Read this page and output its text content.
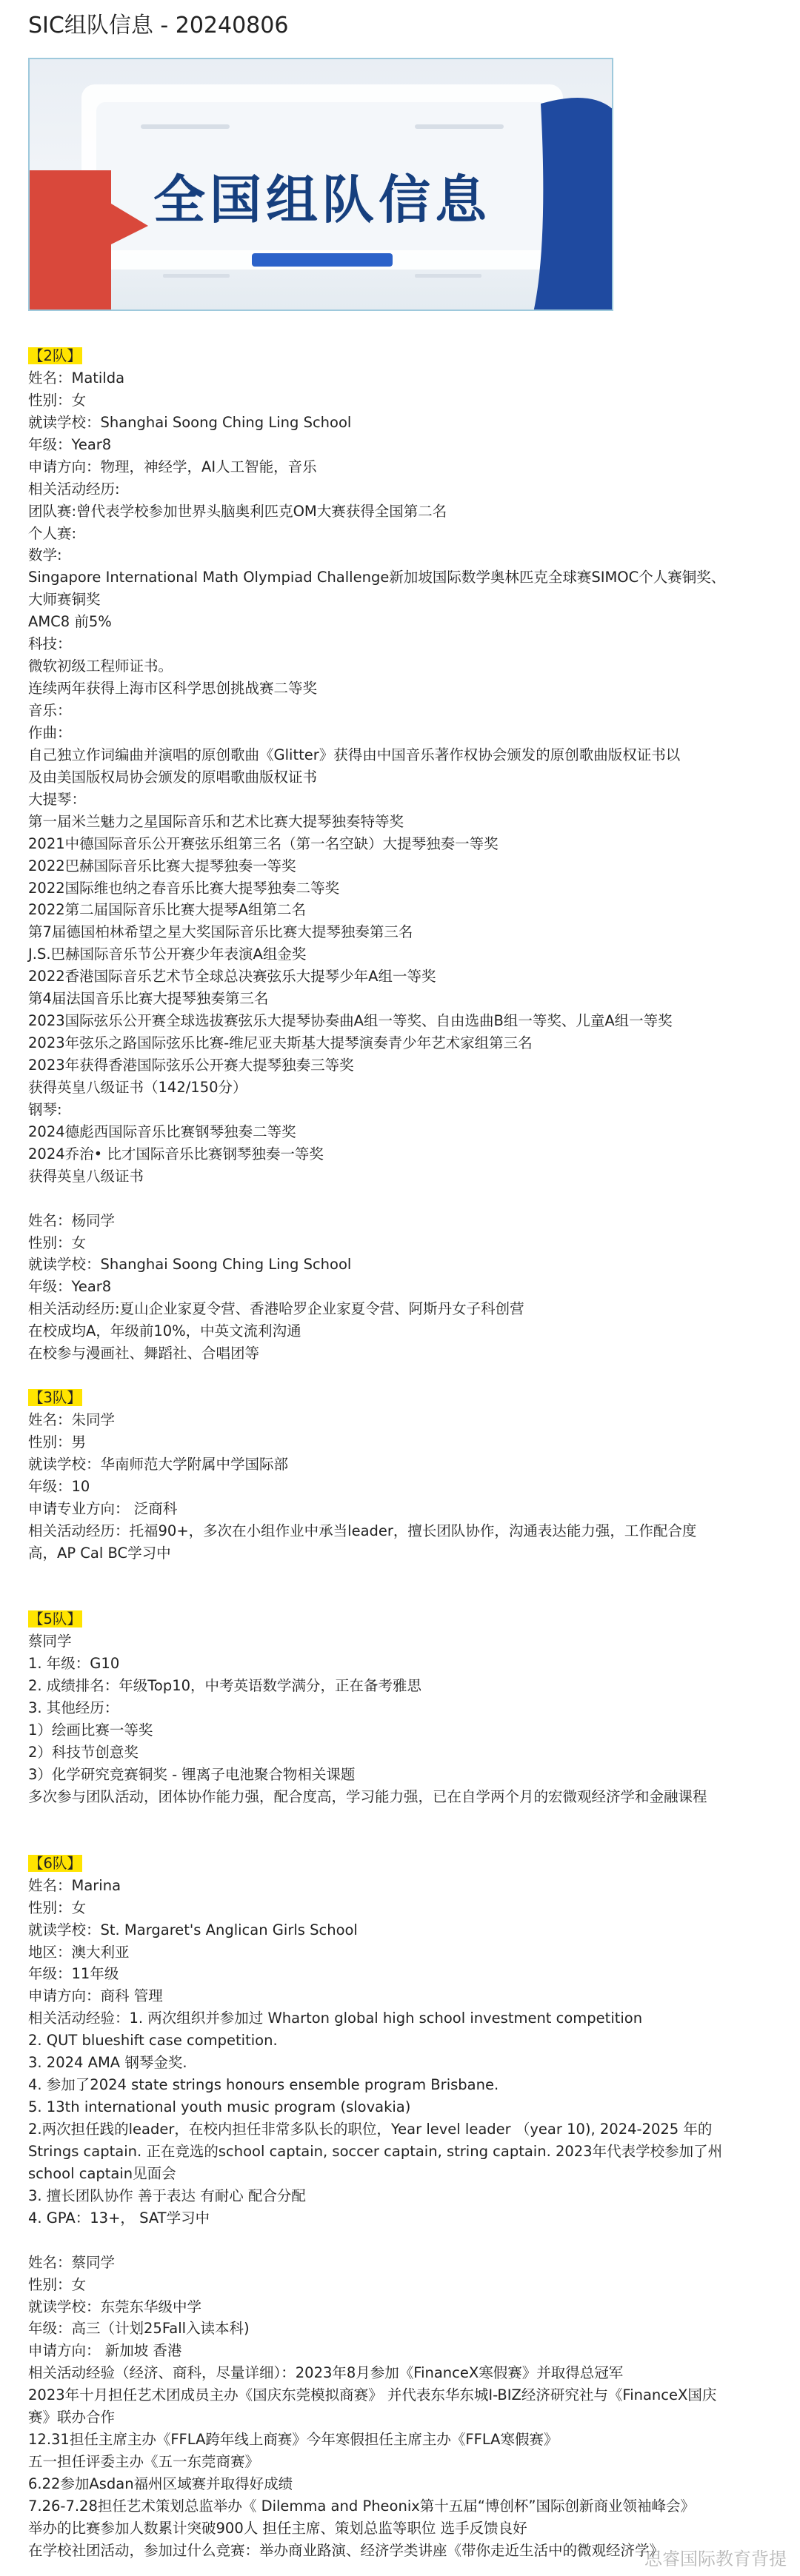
SIC组队信息 - 20240806
全国组队信息
【2队】
姓名：Matilda
性别：女
就读学校：Shanghai Soong Ching Ling School
年级：Year8
申请方向：物理，神经学，AI人工智能，音乐
相关活动经历:
团队赛:曾代表学校参加世界头脑奥利匹克OM大赛获得全国第二名
个人赛:
数学:
Singapore International Math Olympiad Challenge新加坡国际数学奥林匹克全球赛SIMOC个人赛铜奖、
大师赛铜奖
AMC8 前5%
科技：
微软初级工程师证书。
连续两年获得上海市区科学思创挑战赛二等奖
音乐：
作曲：
自己独立作词编曲并演唱的原创歌曲《Glitter》获得由中国音乐著作权协会颁发的原创歌曲版权证书以
及由美国版权局协会颁发的原唱歌曲版权证书
大提琴：
第一届米兰魅力之星国际音乐和艺术比赛大提琴独奏特等奖
2021中德国际音乐公开赛弦乐组第三名（第一名空缺）大提琴独奏一等奖
2022巴赫国际音乐比赛大提琴独奏一等奖
2022国际维也纳之春音乐比赛大提琴独奏二等奖
2022第二届国际音乐比赛大提琴A组第二名
第7届德国柏林希望之星大奖国际音乐比赛大提琴独奏第三名
J.S.巴赫国际音乐节公开赛少年表演A组金奖
2022香港国际音乐艺术节全球总决赛弦乐大提琴少年A组一等奖
第4届法国音乐比赛大提琴独奏第三名
2023国际弦乐公开赛全球选拔赛弦乐大提琴协奏曲A组一等奖、自由选曲B组一等奖、儿童A组一等奖
2023年弦乐之路国际弦乐比赛-维尼亚夫斯基大提琴演奏青少年艺术家组第三名
2023年获得香港国际弦乐公开赛大提琴独奏三等奖
获得英皇八级证书（142/150分）
钢琴:
2024德彪西国际音乐比赛钢琴独奏二等奖
2024乔治• 比才国际音乐比赛钢琴独奏一等奖
获得英皇八级证书
姓名：杨同学
性别：女
就读学校：Shanghai Soong Ching Ling School
年级：Year8
相关活动经历:夏山企业家夏令营、香港哈罗企业家夏令营、阿斯丹女子科创营
在校成均A，年级前10%，中英文流利沟通
在校参与漫画社、舞蹈社、合唱团等
【3队】
姓名：朱同学
性别：男
就读学校：华南师范大学附属中学国际部
年级：10
申请专业方向： 泛商科
相关活动经历：托福90+，多次在小组作业中承当leader，擅长团队协作，沟通表达能力强，工作配合度
高，AP Cal BC学习中
【5队】
蔡同学
1. 年级：G10
2. 成绩排名：年级Top10，中考英语数学满分，正在备考雅思
3. 其他经历：
1）绘画比赛一等奖
2）科技节创意奖
3）化学研究竞赛铜奖 - 锂离子电池聚合物相关课题
多次参与团队活动，团体协作能力强，配合度高，学习能力强，已在自学两个月的宏微观经济学和金融课程
【6队】
姓名：Marina
性别：女
就读学校：St. Margaret's Anglican Girls School
地区：澳大利亚
年级：11年级
申请方向：商科 管理
相关活动经验：1. 两次组织并参加过 Wharton global high school investment competition
2. QUT blueshift case competition.
3. 2024 AMA 钢琴金奖.
4. 参加了2024 state strings honours ensemble program Brisbane.
5. 13th international youth music program (slovakia)
2.两次担任践的leader，在校内担任非常多队长的职位，Year level leader （year 10), 2024-2025 年的
Strings captain. 正在竞选的school captain, soccer captain, string captain. 2023年代表学校参加了州
school captain见面会
3. 擅长团队协作 善于表达 有耐心 配合分配
4. GPA：13+， SAT学习中
姓名：蔡同学
性别：女
就读学校：东莞东华级中学
年级：高三（计划25Fall入读本科)
申请方向： 新加坡 香港
相关活动经验（经济、商科，尽量详细）：2023年8月参加《FinanceX寒假赛》并取得总冠军
2023年十月担任艺术团成员主办《国庆东莞模拟商赛》 并代表东华东城I-BIZ经济研究社与《FinanceX国庆
赛》联办合作
12.31担任主席主办《FFLA跨年线上商赛》今年寒假担任主席主办《FFLA寒假赛》
五一担任评委主办《五一东莞商赛》
6.22参加Asdan福州区域赛并取得好成绩
7.26-7.28担任艺术策划总监举办《 Dilemma and Pheonix第十五届“博创杯”国际创新商业领袖峰会》
举办的比赛参加人数累计突破900人 担任主席、策划总监等职位 选手反馈良好
在学校社团活动，参加过什么竞赛：举办商业路演、经济学类讲座《带你走近生活中的微观经济学》
思睿国际教育背提
